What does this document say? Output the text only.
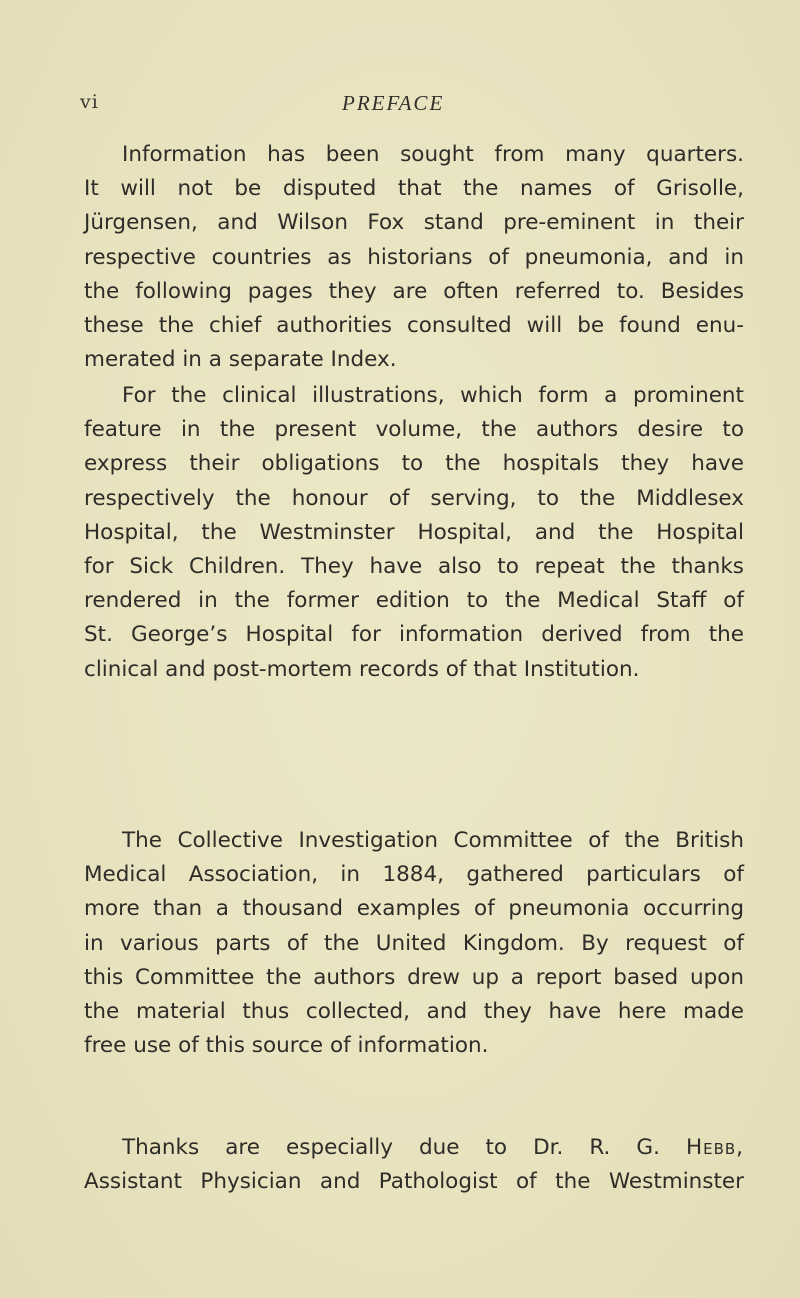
vi	PREFACE
Information has been sought from many quarters.
It will not be disputed that the names of Grisolle,
Jürgensen, and Wilson Fox stand pre-eminent in their
respective countries as historians of pneumonia, and in
the following pages they are often referred to. Besides
these the chief authorities consulted will be found enu-
merated in a separate Index.
For the clinical illustrations, which form a prominent
feature in the present volume, the authors desire to
express their obligations to the hospitals they have
respectively the honour of serving, to the Middlesex
Hospital, the Westminster Hospital, and the Hospital
for Sick Children. They have also to repeat the thanks
rendered in the former edition to the Medical Staff of
St. George’s Hospital for information derived from the
clinical and post-mortem records of that Institution.
The Collective Investigation Committee of the British
Medical Association, in 1884, gathered particulars of
more than a thousand examples of pneumonia occurring
in various parts of the United Kingdom. By request of
this Committee the authors drew up a report based upon
the material thus collected, and they have here made
free use of this source of information.
Thanks are especially due to Dr. R. G. Hebb,
Assistant Physician and Pathologist of the Westminster
